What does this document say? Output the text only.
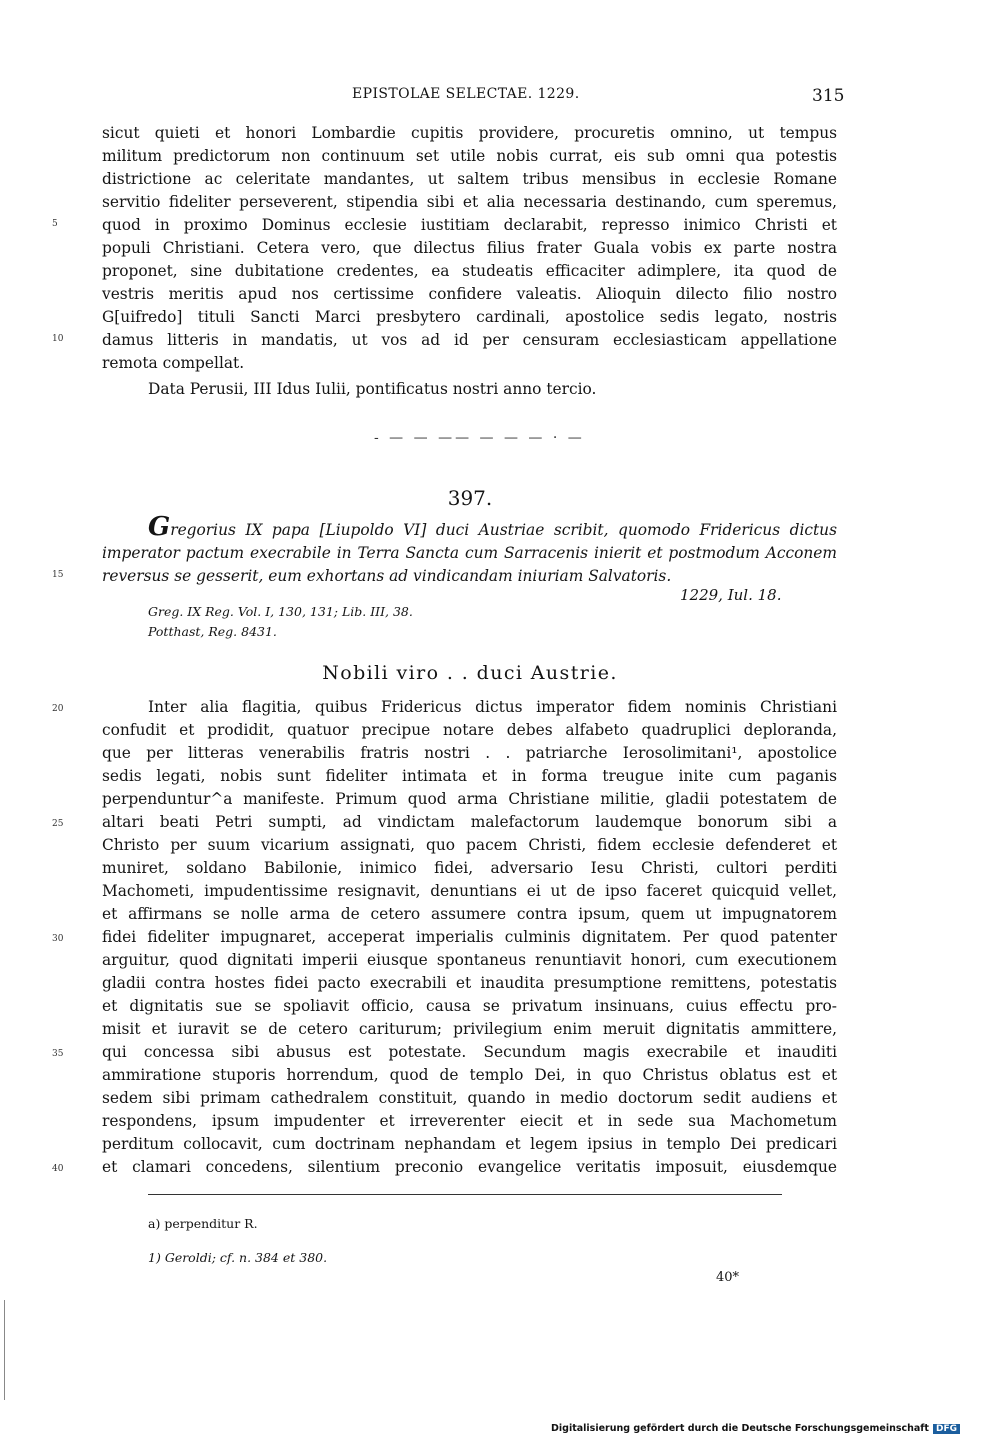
EPISTOLAE SELECTAE. 1229.	315
sicut quieti et honori Lombardie cupitis providere, procuretis omnino, ut tempus
militum predictorum non continuum set utile nobis currat, eis sub omni qua potestis
districtione ac celeritate mandantes, ut saltem tribus mensibus in ecclesie Romane
servitio fideliter perseverent, stipendia sibi et alia necessaria destinando, cum speremus,
quod in proximo Dominus ecclesie iustitiam declarabit, represso inimico Christi et
populi Christiani. Cetera vero, que dilectus filius frater Guala vobis ex parte nostra
proponet, sine dubitatione credentes, ea studeatis efficaciter adimplere, ita quod de
vestris meritis apud nos certissime confidere valeatis. Alioquin dilecto filio nostro
G[uifredo] tituli Sancti Marci presbytero cardinali, apostolice sedis legato, nostris
damus litteris in mandatis, ut vos ad id per censuram ecclesiasticam appellatione
remota compellat.
Data Perusii, III Idus Iulii, pontificatus nostri anno tercio.
5
10
- — — —— — — — · —
397.
Gregorius IX papa [Liupoldo VI] duci Austriae scribit, quomodo Fridericus dictus
imperator pactum execrabile in Terra Sancta cum Sarracenis inierit et postmodum Acconem
reversus se gesserit, eum exhortans ad vindicandam iniuriam Salvatoris.
15
1229, Iul. 18.
Greg. IX Reg. Vol. I, 130, 131; Lib. III, 38.
Potthast, Reg. 8431.
Nobili viro . . duci Austrie.
Inter alia flagitia, quibus Fridericus dictus imperator fidem nominis Christiani
confudit et prodidit, quatuor precipue notare debes alfabeto quadruplici deploranda,
que per litteras venerabilis fratris nostri . . patriarche Ierosolimitani¹, apostolice
sedis legati, nobis sunt fideliter intimata et in forma treugue inite cum paganis
perpenduntur^a manifeste. Primum quod arma Christiane militie, gladii potestatem de
altari beati Petri sumpti, ad vindictam malefactorum laudemque bonorum sibi a
Christo per suum vicarium assignati, quo pacem Christi, fidem ecclesie defenderet et
muniret, soldano Babilonie, inimico fidei, adversario Iesu Christi, cultori perditi
Machometi, impudentissime resignavit, denuntians ei ut de ipso faceret quicquid vellet,
et affirmans se nolle arma de cetero assumere contra ipsum, quem ut impugnatorem
fidei fideliter impugnaret, acceperat imperialis culminis dignitatem. Per quod patenter
arguitur, quod dignitati imperii eiusque spontaneus renuntiavit honori, cum executionem
gladii contra hostes fidei pacto execrabili et inaudita presumptione remittens, potestatis
et dignitatis sue se spoliavit officio, causa se privatum insinuans, cuius effectu pro-
misit et iuravit se de cetero cariturum; privilegium enim meruit dignitatis ammittere,
qui concessa sibi abusus est potestate. Secundum magis execrabile et inauditi
ammiratione stuporis horrendum, quod de templo Dei, in quo Christus oblatus est et
sedem sibi primam cathedralem constituit, quando in medio doctorum sedit audiens et
respondens, ipsum impudenter et irreverenter eiecit et in sede sua Machometum
perditum collocavit, cum doctrinam nephandam et legem ipsius in templo Dei predicari
et clamari concedens, silentium preconio evangelice veritatis imposuit, eiusdemque
20
25
30
35
40
a) perpenditur R.
1) Geroldi; cf. n. 384 et 380.
40*
Digitalisierung gefördert durch die Deutsche Forschungsgemeinschaft DFG
